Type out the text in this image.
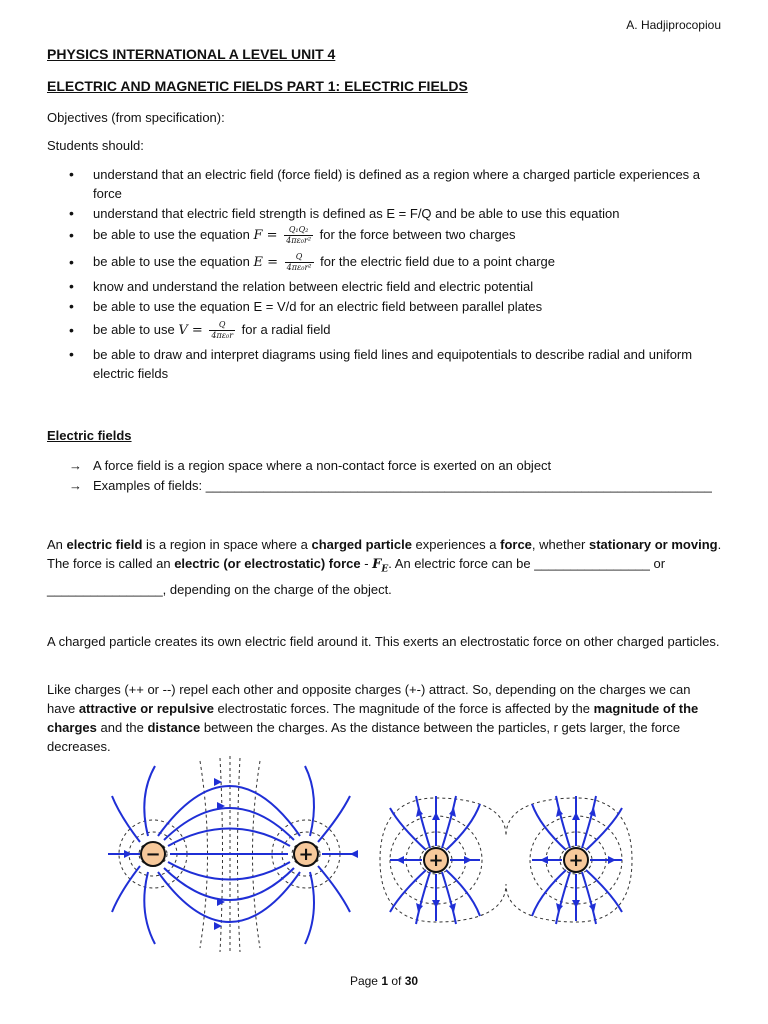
A. Hadjiprocopiou
PHYSICS INTERNATIONAL A LEVEL UNIT 4
ELECTRIC AND MAGNETIC FIELDS PART 1: ELECTRIC FIELDS
Objectives (from specification):
Students should:
• understand that an electric field (force field) is defined as a region where a charged particle experiences a force
• understand that electric field strength is defined as E = F/Q and be able to use this equation
• be able to use the equation $F = \frac{\text{Q₁Q₂}}{\text{4πε₀r²}}$ for the force between two charges
• be able to use the equation $E = \frac{Q}{\text{4πε₀r²}}$ for the electric field due to a point charge
• know and understand the relation between electric field and electric potential
• be able to use the equation E = V/d for an electric field between parallel plates
• be able to use $V = \frac{Q}{\text{4πε₀r}}$ for a radial field
• be able to draw and interpret diagrams using field lines and equipotentials to describe radial and uniform electric fields
Electric fields
→ A force field is a region space where a non-contact force is exerted on an object
→ Examples of fields: ______________________________________________________________________
An electric field is a region in space where a charged particle experiences a force, whether stationary or moving. The force is called an electric (or electrostatic) force - $F_E$. An electric force can be ________________ or ________________, depending on the charge of the object.
A charged particle creates its own electric field around it. This exerts an electrostatic force on other charged particles.
Like charges (++ or --) repel each other and opposite charges (+-) attract. So, depending on the charges we can have attractive or repulsive electrostatic forces. The magnitude of the force is affected by the magnitude of the charges and the distance between the charges. As the distance between the particles, r gets larger, the force decreases.
−	+	+	+
Page 1 of 30
